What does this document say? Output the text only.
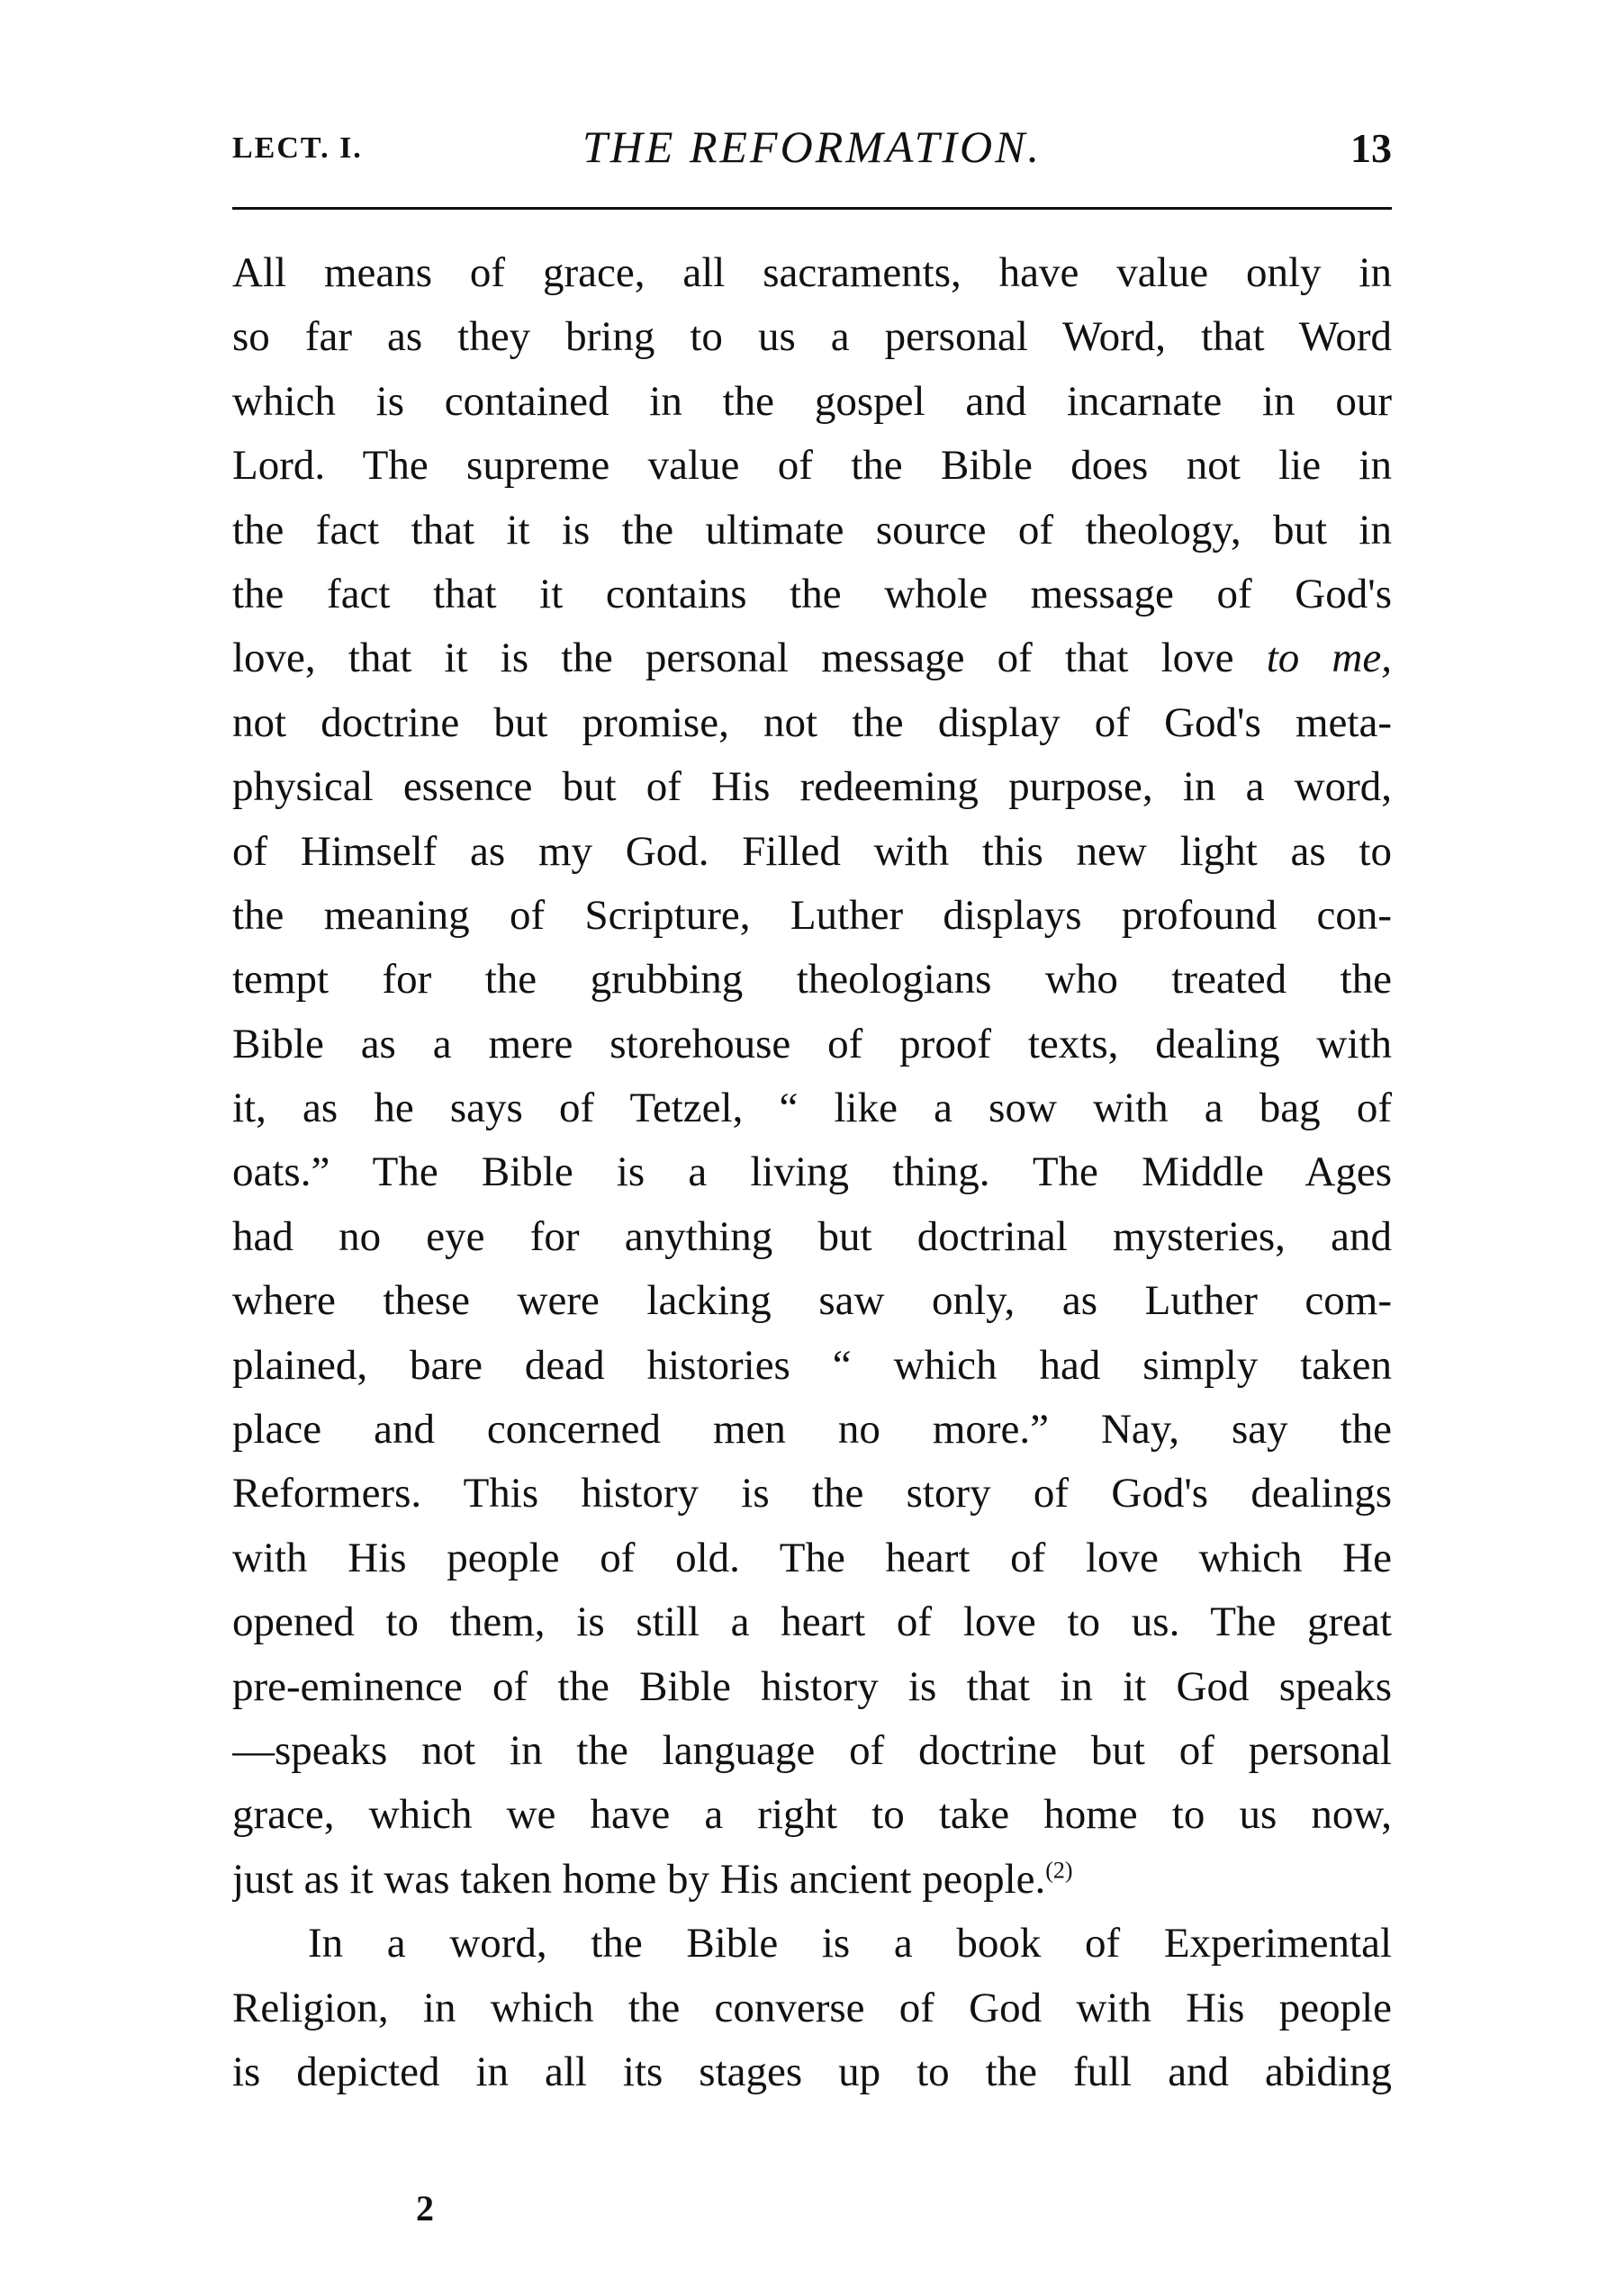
LECT. I.	THE REFORMATION.	13
All means of grace, all sacraments, have value only in
so far as they bring to us a personal Word, that Word
which is contained in the gospel and incarnate in our
Lord. The supreme value of the Bible does not lie in
the fact that it is the ultimate source of theology, but in
the fact that it contains the whole message of God's
love, that it is the personal message of that love to me,
not doctrine but promise, not the display of God's meta-
physical essence but of His redeeming purpose, in a word,
of Himself as my God. Filled with this new light as to
the meaning of Scripture, Luther displays profound con-
tempt for the grubbing theologians who treated the
Bible as a mere storehouse of proof texts, dealing with
it, as he says of Tetzel, “ like a sow with a bag of
oats.” The Bible is a living thing. The Middle Ages
had no eye for anything but doctrinal mysteries, and
where these were lacking saw only, as Luther com-
plained, bare dead histories “ which had simply taken
place and concerned men no more.” Nay, say the
Reformers. This history is the story of God's dealings
with His people of old. The heart of love which He
opened to them, is still a heart of love to us. The great
pre-eminence of the Bible history is that in it God speaks
—speaks not in the language of doctrine but of personal
grace, which we have a right to take home to us now,
just as it was taken home by His ancient people.$^{(2)}$
In a word, the Bible is a book of Experimental
Religion, in which the converse of God with His people
is depicted in all its stages up to the full and abiding
2
